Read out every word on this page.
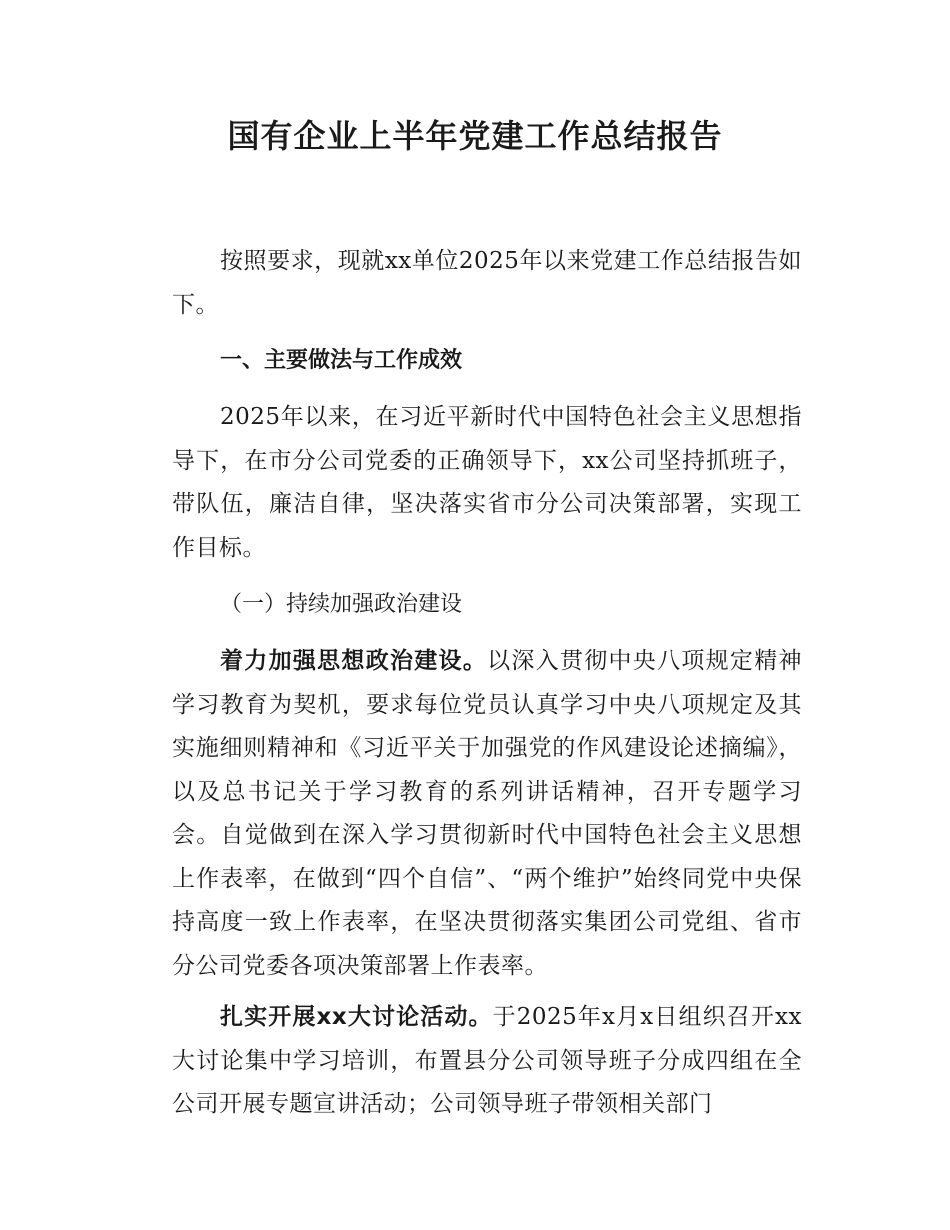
国有企业上半年党建工作总结报告

按照要求，现就xx单位2025年以来党建工作总结报告如下。

一、主要做法与工作成效

2025年以来，在习近平新时代中国特色社会主义思想指导下，在市分公司党委的正确领导下，xx公司坚持抓班子，带队伍，廉洁自律，坚决落实省市分公司决策部署，实现工作目标。

（一）持续加强政治建设

着力加强思想政治建设。以深入贯彻中央八项规定精神学习教育为契机，要求每位党员认真学习中央八项规定及其实施细则精神和《习近平关于加强党的作风建设论述摘编》，以及总书记关于学习教育的系列讲话精神，召开专题学习会。自觉做到在深入学习贯彻新时代中国特色社会主义思想上作表率，在做到“四个自信”、“两个维护”始终同党中央保持高度一致上作表率，在坚决贯彻落实集团公司党组、省市分公司党委各项决策部署上作表率。

扎实开展xx大讨论活动。于2025年x月x日组织召开xx大讨论集中学习培训，布置县分公司领导班子分成四组在全公司开展专题宣讲活动；公司领导班子带领相关部门
